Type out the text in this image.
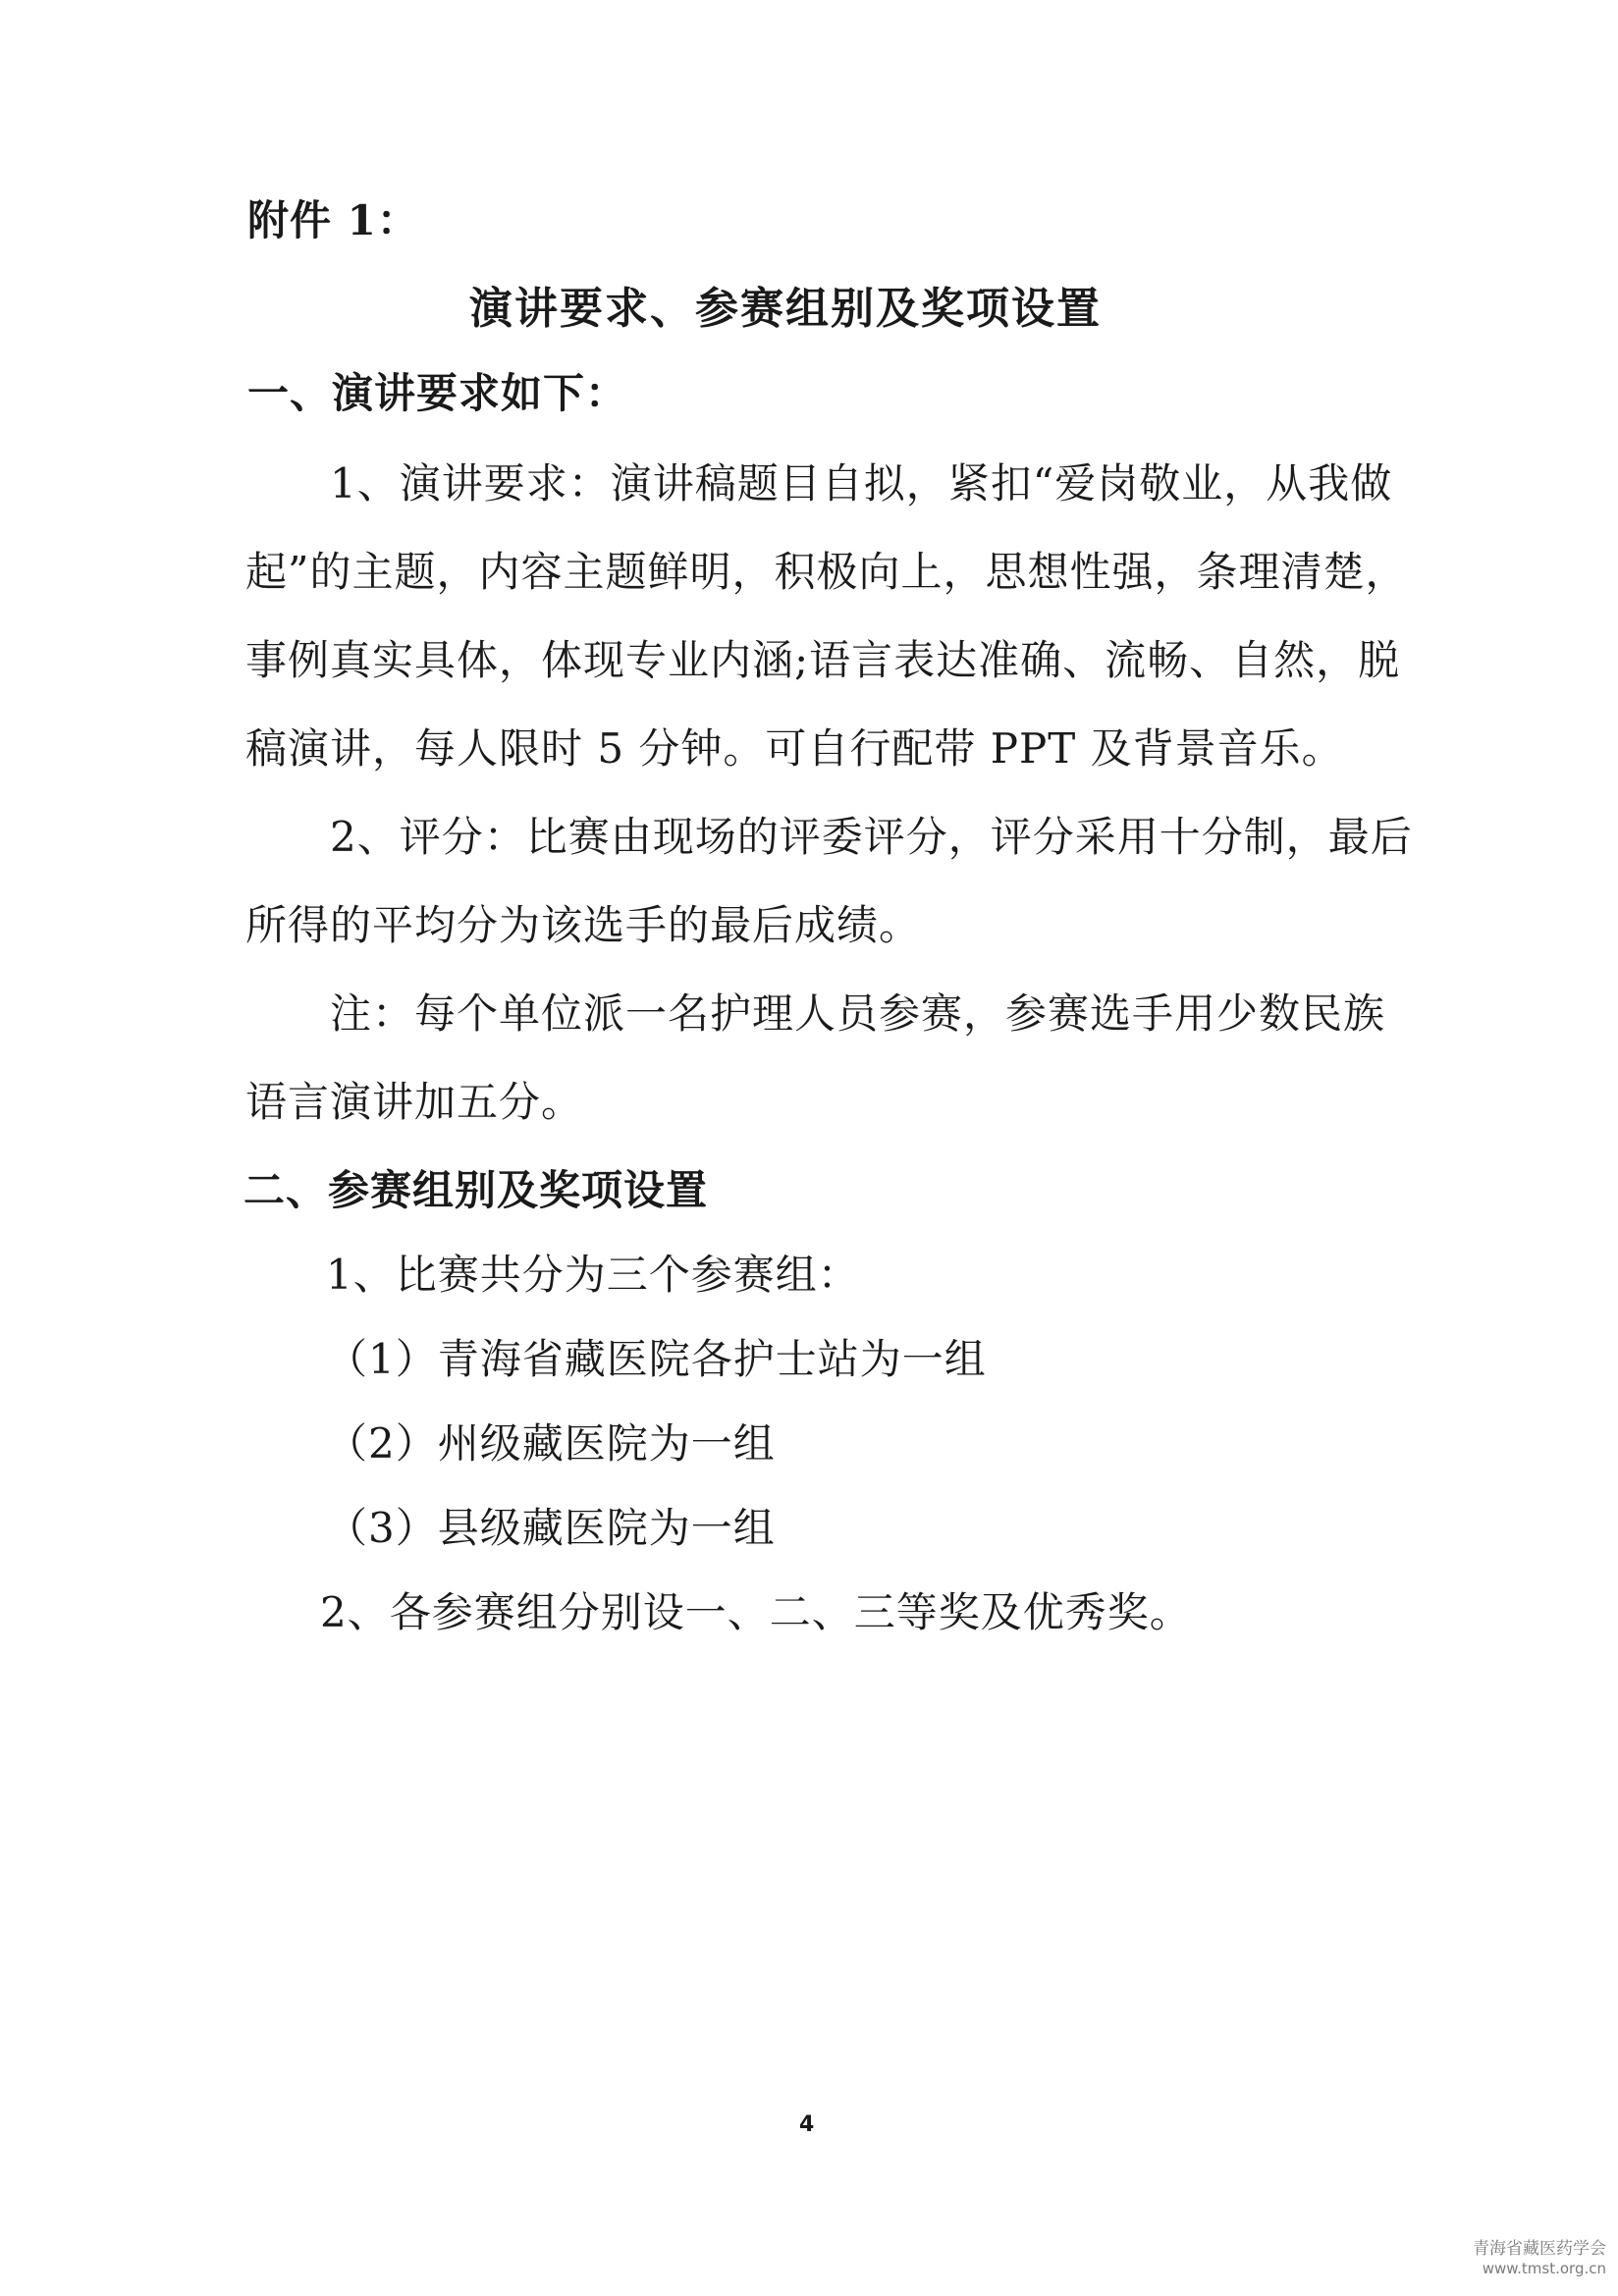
附件 1：
演讲要求、参赛组别及奖项设置
一、演讲要求如下：
1、演讲要求：演讲稿题目自拟，紧扣“爱岗敬业，从我做
起”的主题，内容主题鲜明，积极向上，思想性强，条理清楚，
事例真实具体，体现专业内涵;语言表达准确、流畅、自然，脱
稿演讲，每人限时 5 分钟。可自行配带 PPT 及背景音乐。
2、评分：比赛由现场的评委评分，评分采用十分制，最后
所得的平均分为该选手的最后成绩。
注：每个单位派一名护理人员参赛，参赛选手用少数民族
语言演讲加五分。
二、参赛组别及奖项设置
1、比赛共分为三个参赛组：
（1）青海省藏医院各护士站为一组
（2）州级藏医院为一组
（3）县级藏医院为一组
2、各参赛组分别设一、二、三等奖及优秀奖。
4
青海省藏医药学会
www.tmst.org.cn
